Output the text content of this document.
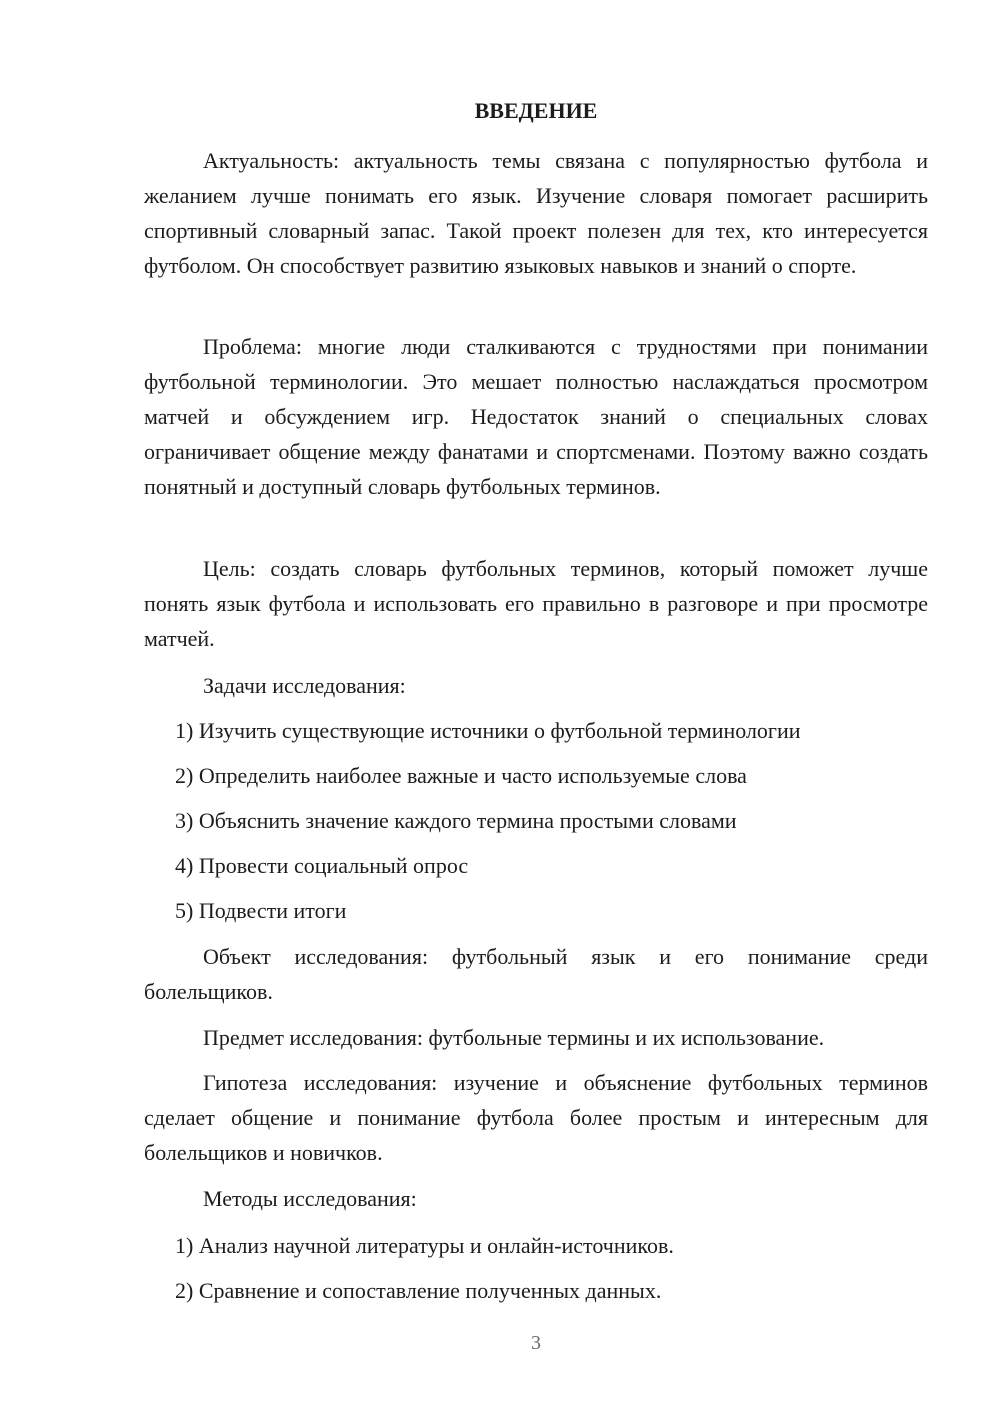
ВВЕДЕНИЕ

Актуальность: актуальность темы связана с популярностью футбола и желанием лучше понимать его язык. Изучение словаря помогает расширить спортивный словарный запас. Такой проект полезен для тех, кто интересуется футболом. Он способствует развитию языковых навыков и знаний о спорте.

Проблема: многие люди сталкиваются с трудностями при понимании футбольной терминологии. Это мешает полностью наслаждаться просмотром матчей и обсуждением игр. Недостаток знаний о специальных словах ограничивает общение между фанатами и спортсменами. Поэтому важно создать понятный и доступный словарь футбольных терминов.

Цель: создать словарь футбольных терминов, который поможет лучше понять язык футбола и использовать его правильно в разговоре и при просмотре матчей.

Задачи исследования:

1) Изучить существующие источники о футбольной терминологии

2) Определить наиболее важные и часто используемые слова

3) Объяснить значение каждого термина простыми словами

4) Провести социальный опрос

5) Подвести итоги

Объект исследования: футбольный язык и его понимание среди болельщиков.

Предмет исследования: футбольные термины и их использование.

Гипотеза исследования: изучение и объяснение футбольных терминов сделает общение и понимание футбола более простым и интересным для болельщиков и новичков.

Методы исследования:

1) Анализ научной литературы и онлайн-источников.

2) Сравнение и сопоставление полученных данных.

3
